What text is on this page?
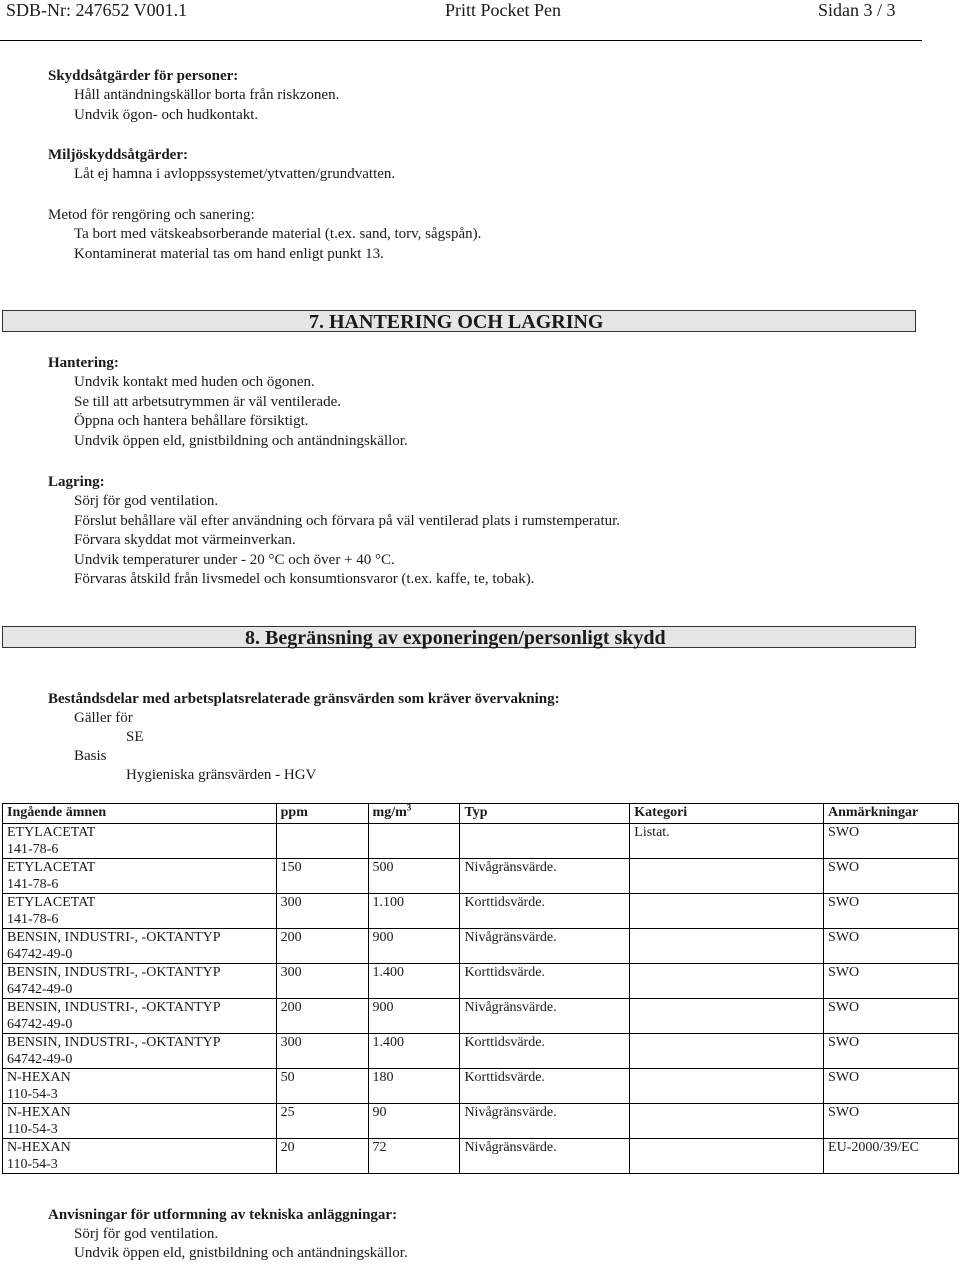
SDB-Nr: 247652 V001.1	Pritt Pocket Pen	Sidan 3 / 3
Skyddsåtgärder för personer:
Håll antändningskällor borta från riskzonen.
Undvik ögon- och hudkontakt.
Miljöskyddsåtgärder:
Låt ej hamna i avloppssystemet/ytvatten/grundvatten.
Metod för rengöring och sanering:
Ta bort med vätskeabsorberande material (t.ex. sand, torv, sågspån).
Kontaminerat material tas om hand enligt punkt 13.
7. HANTERING OCH LAGRING
Hantering:
Undvik kontakt med huden och ögonen.
Se till att arbetsutrymmen är väl ventilerade.
Öppna och hantera behållare försiktigt.
Undvik öppen eld, gnistbildning och antändningskällor.
Lagring:
Sörj för god ventilation.
Förslut behållare väl efter användning och förvara på väl ventilerad plats i rumstemperatur.
Förvara skyddat mot värmeinverkan.
Undvik temperaturer under - 20 °C och över + 40 °C.
Förvaras åtskild från livsmedel och konsumtionsvaror (t.ex. kaffe, te, tobak).
8. Begränsning av exponeringen/personligt skydd
Beståndsdelar med arbetsplatsrelaterade gränsvärden som kräver övervakning:
Gäller för
SE
Basis
Hygieniska gränsvärden - HGV
Ingående ämnen	ppm	$mg/m^3$	Typ	Kategori	Anmärkningar

ETYLACETAT
141-78-6				Listat.	SWO

ETYLACETAT
141-78-6	150	500	Nivågränsvärde.		SWO

ETYLACETAT
141-78-6	300	1.100	Korttidsvärde.		SWO

BENSIN, INDUSTRI-, -OKTANTYP
64742-49-0	200	900	Nivågränsvärde.		SWO

BENSIN, INDUSTRI-, -OKTANTYP
64742-49-0	300	1.400	Korttidsvärde.		SWO

BENSIN, INDUSTRI-, -OKTANTYP
64742-49-0	200	900	Nivågränsvärde.		SWO

BENSIN, INDUSTRI-, -OKTANTYP
64742-49-0	300	1.400	Korttidsvärde.		SWO

N-HEXAN
110-54-3	50	180	Korttidsvärde.		SWO

N-HEXAN
110-54-3	25	90	Nivågränsvärde.		SWO

N-HEXAN
110-54-3	20	72	Nivågränsvärde.		EU-2000/39/EC
Anvisningar för utformning av tekniska anläggningar:
Sörj för god ventilation.
Undvik öppen eld, gnistbildning och antändningskällor.
